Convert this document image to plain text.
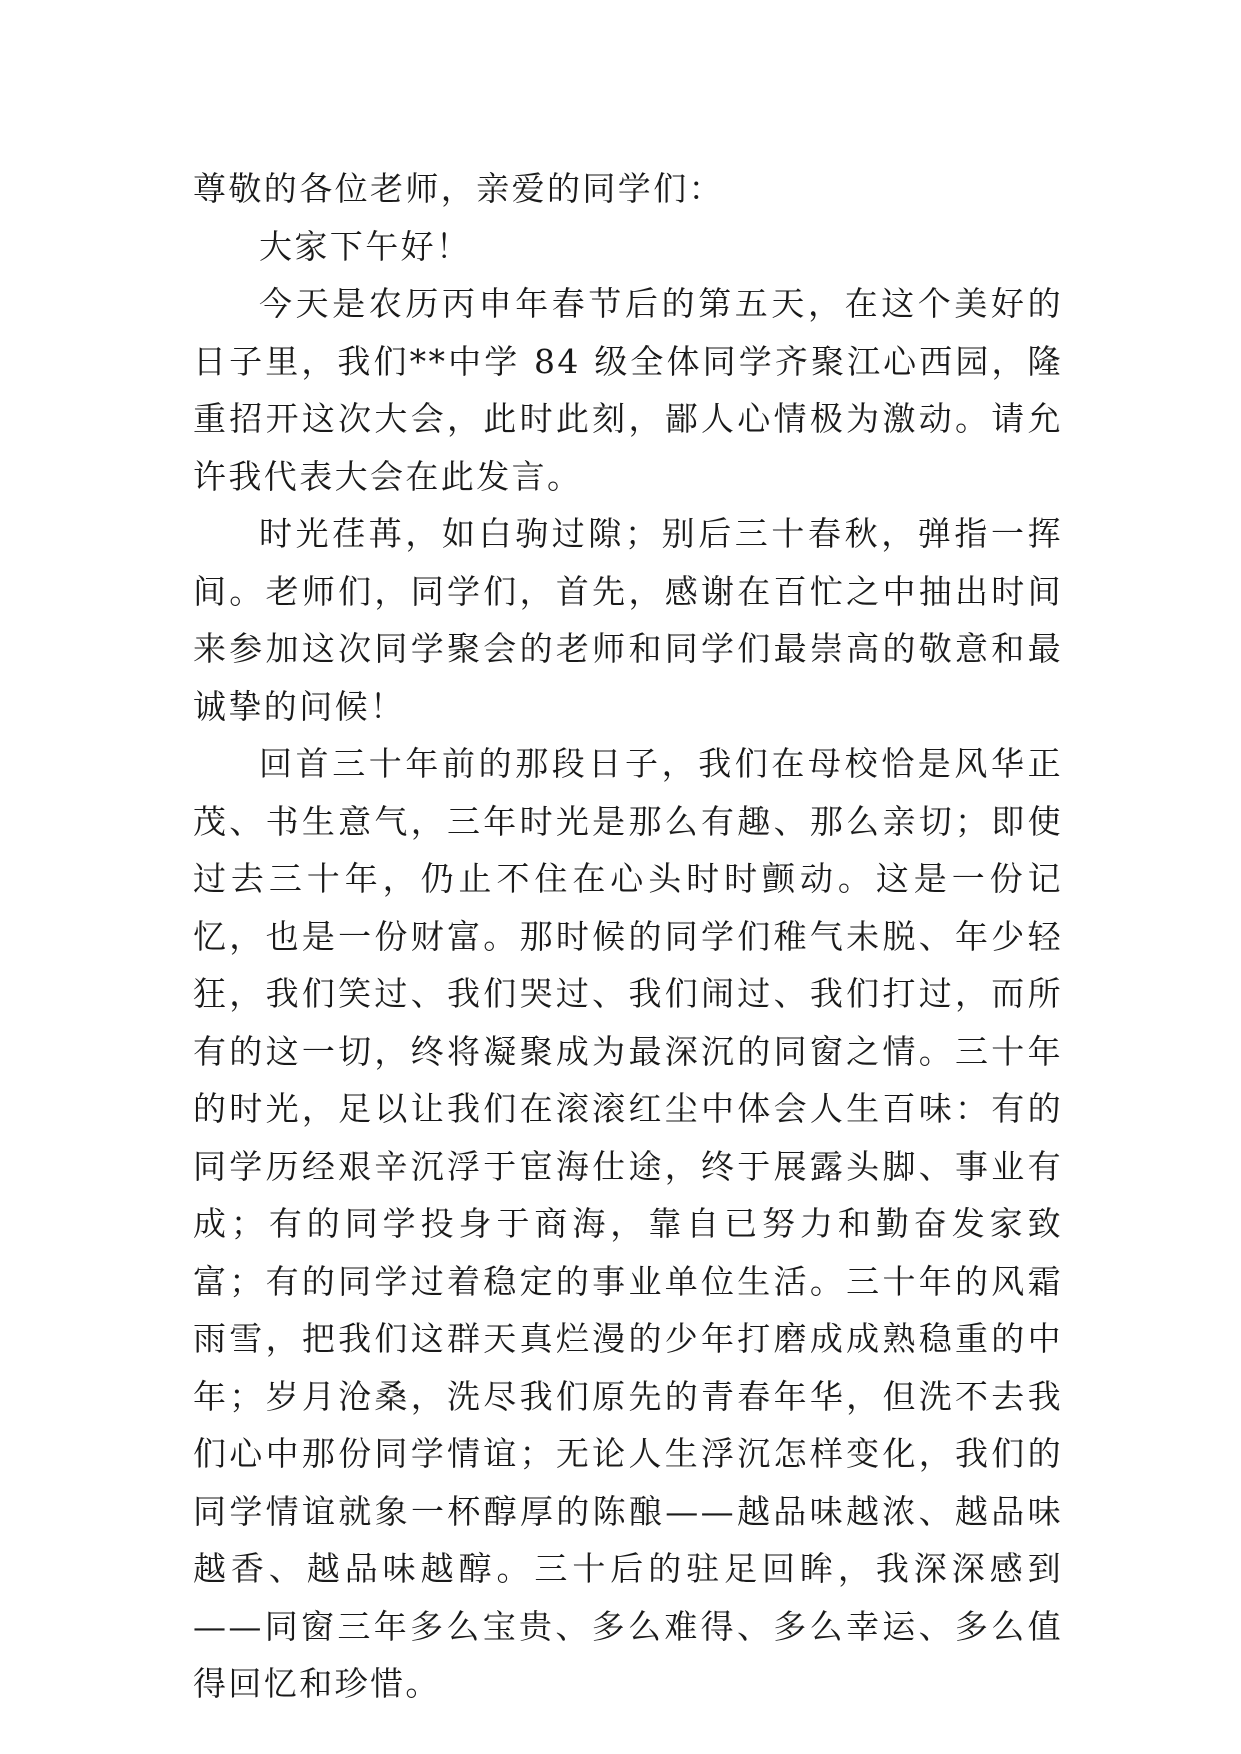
尊敬的各位老师，亲爱的同学们：

大家下午好！

今天是农历丙申年春节后的第五天，在这个美好的日子里，我们**中学 84 级全体同学齐聚江心西园，隆重招开这次大会，此时此刻，鄙人心情极为激动。请允许我代表大会在此发言。

时光荏苒，如白驹过隙；别后三十春秋，弹指一挥间。老师们，同学们，首先，感谢在百忙之中抽出时间来参加这次同学聚会的老师和同学们最崇高的敬意和最诚挚的问候！

回首三十年前的那段日子，我们在母校恰是风华正茂、书生意气，三年时光是那么有趣、那么亲切；即使过去三十年，仍止不住在心头时时颤动。这是一份记忆，也是一份财富。那时候的同学们稚气未脱、年少轻狂，我们笑过、我们哭过、我们闹过、我们打过，而所有的这一切，终将凝聚成为最深沉的同窗之情。三十年的时光，足以让我们在滚滚红尘中体会人生百味：有的同学历经艰辛沉浮于宦海仕途，终于展露头脚、事业有成；有的同学投身于商海，靠自已努力和勤奋发家致富；有的同学过着稳定的事业单位生活。三十年的风霜雨雪，把我们这群天真烂漫的少年打磨成成熟稳重的中年；岁月沧桑，洗尽我们原先的青春年华，但洗不去我们心中那份同学情谊；无论人生浮沉怎样变化，我们的同学情谊就象一杯醇厚的陈酿——越品味越浓、越品味越香、越品味越醇。三十后的驻足回眸，我深深感到——同窗三年多么宝贵、多么难得、多么幸运、多么值得回忆和珍惜。
